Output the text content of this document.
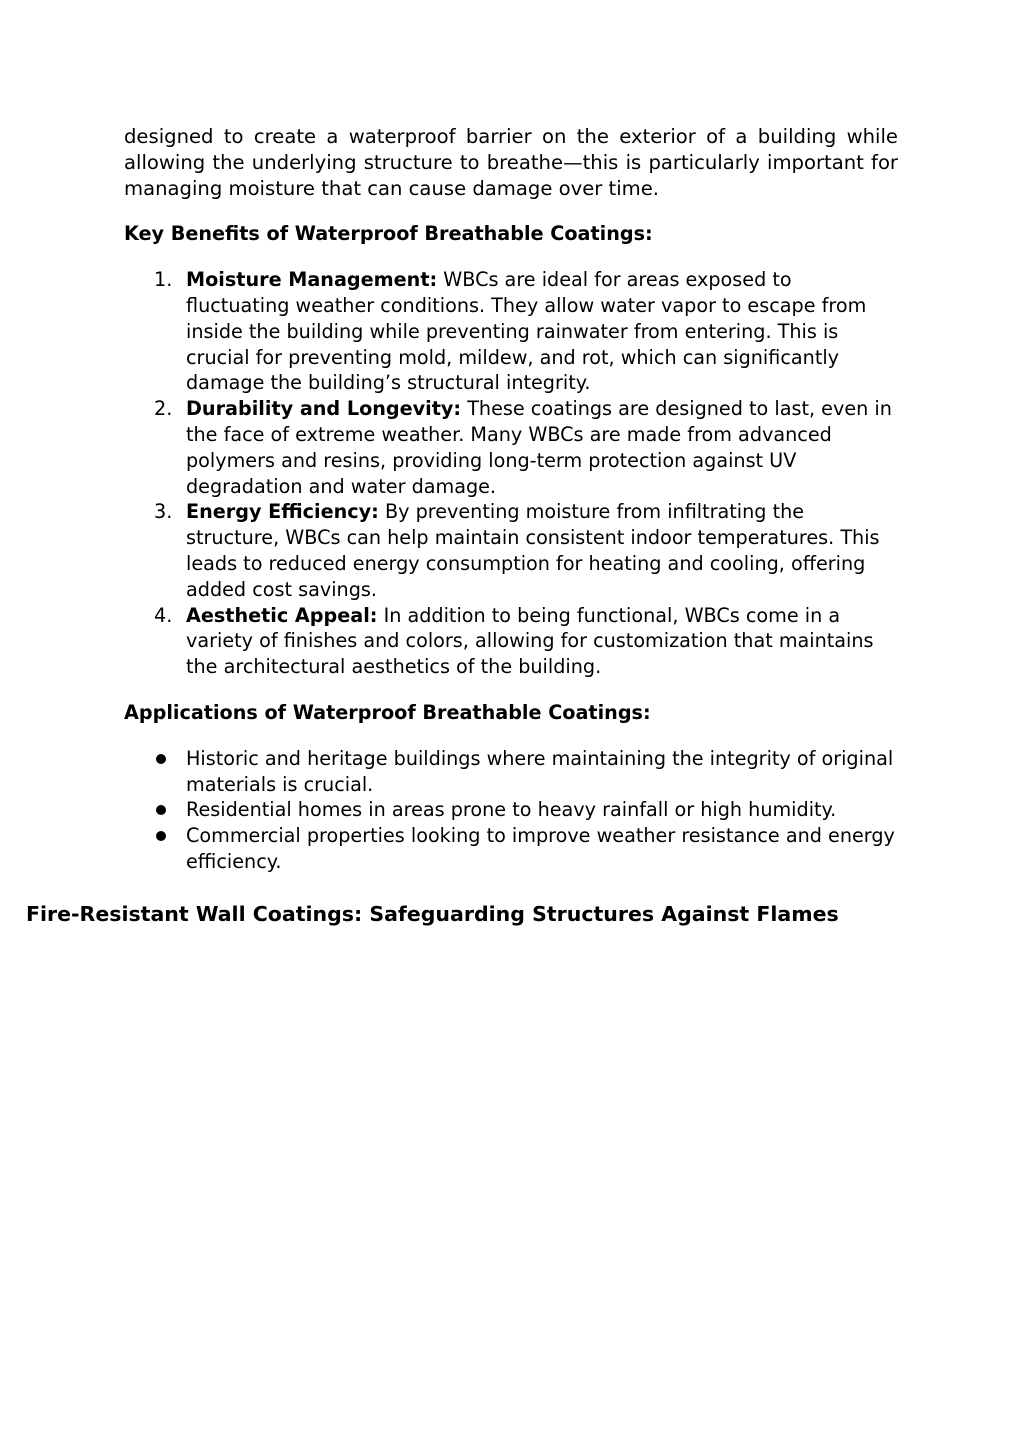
designed to create a waterproof barrier on the exterior of a building while allowing the underlying structure to breathe—this is particularly important for managing moisture that can cause damage over time.

Key Benefits of Waterproof Breathable Coatings:

1. Moisture Management: WBCs are ideal for areas exposed to fluctuating weather conditions. They allow water vapor to escape from inside the building while preventing rainwater from entering. This is crucial for preventing mold, mildew, and rot, which can significantly damage the building’s structural integrity.
2. Durability and Longevity: These coatings are designed to last, even in the face of extreme weather. Many WBCs are made from advanced polymers and resins, providing long-term protection against UV degradation and water damage.
3. Energy Efficiency: By preventing moisture from infiltrating the structure, WBCs can help maintain consistent indoor temperatures. This leads to reduced energy consumption for heating and cooling, offering added cost savings.
4. Aesthetic Appeal: In addition to being functional, WBCs come in a variety of finishes and colors, allowing for customization that maintains the architectural aesthetics of the building.

Applications of Waterproof Breathable Coatings:

Historic and heritage buildings where maintaining the integrity of original materials is crucial.
Residential homes in areas prone to heavy rainfall or high humidity.
Commercial properties looking to improve weather resistance and energy efficiency.
Fire-Resistant Wall Coatings: Safeguarding Structures Against Flames
